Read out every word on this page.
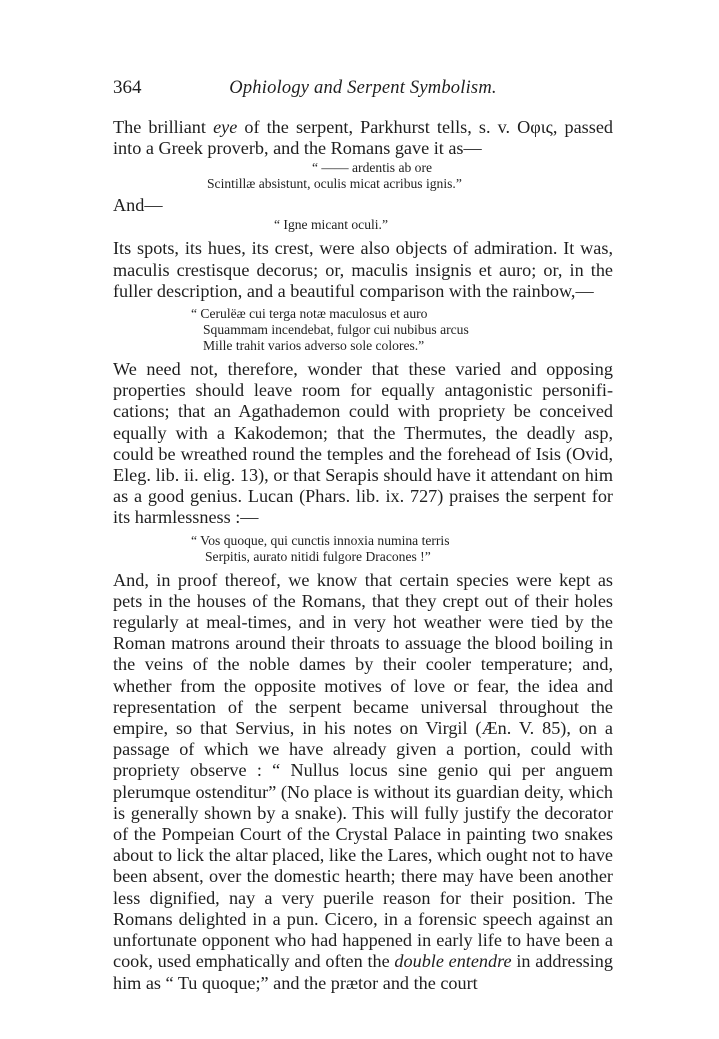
364	Ophiology and Serpent Symbolism.

The brilliant eye of the serpent, Parkhurst tells, s. v. Οφις, passed into a Greek proverb, and the Romans gave it as—

“ —— ardentis ab ore
Scintillæ absistunt, oculis micat acribus ignis.”

And—

“ Igne micant oculi.”

Its spots, its hues, its crest, were also objects of admiration. It was, maculis crestisque decorus; or, maculis insignis et auro; or, in the fuller description, and a beautiful comparison with the rainbow,—

“ Cerulëæ cui terga notæ maculosus et auro
Squammam incendebat, fulgor cui nubibus arcus
Mille trahit varios adverso sole colores.”

We need not, therefore, wonder that these varied and opposing properties should leave room for equally antagonistic personifications; that an Agathademon could with propriety be conceived equally with a Kakodemon; that the Thermutes, the deadly asp, could be wreathed round the temples and the forehead of Isis (Ovid, Eleg. lib. ii. elig. 13), or that Serapis should have it attendant on him as a good genius. Lucan (Phars. lib. ix. 727) praises the serpent for its harmlessness :—

“ Vos quoque, qui cunctis innoxia numina terris
Serpitis, aurato nitidi fulgore Dracones !”

And, in proof thereof, we know that certain species were kept as pets in the houses of the Romans, that they crept out of their holes regularly at meal-times, and in very hot weather were tied by the Roman matrons around their throats to assuage the blood boiling in the veins of the noble dames by their cooler temperature; and, whether from the opposite motives of love or fear, the idea and representation of the serpent became universal throughout the empire, so that Servius, in his notes on Virgil (Æn. V. 85), on a passage of which we have already given a portion, could with propriety observe : “ Nullus locus sine genio qui per anguem plerumque ostenditur” (No place is without its guardian deity, which is generally shown by a snake). This will fully justify the decorator of the Pompeian Court of the Crystal Palace in painting two snakes about to lick the altar placed, like the Lares, which ought not to have been absent, over the domestic hearth; there may have been another less dignified, nay a very puerile reason for their position. The Romans delighted in a pun. Cicero, in a forensic speech against an unfortunate opponent who had happened in early life to have been a cook, used emphatically and often the double entendre in addressing him as “ Tu quoque;” and the prætor and the court
